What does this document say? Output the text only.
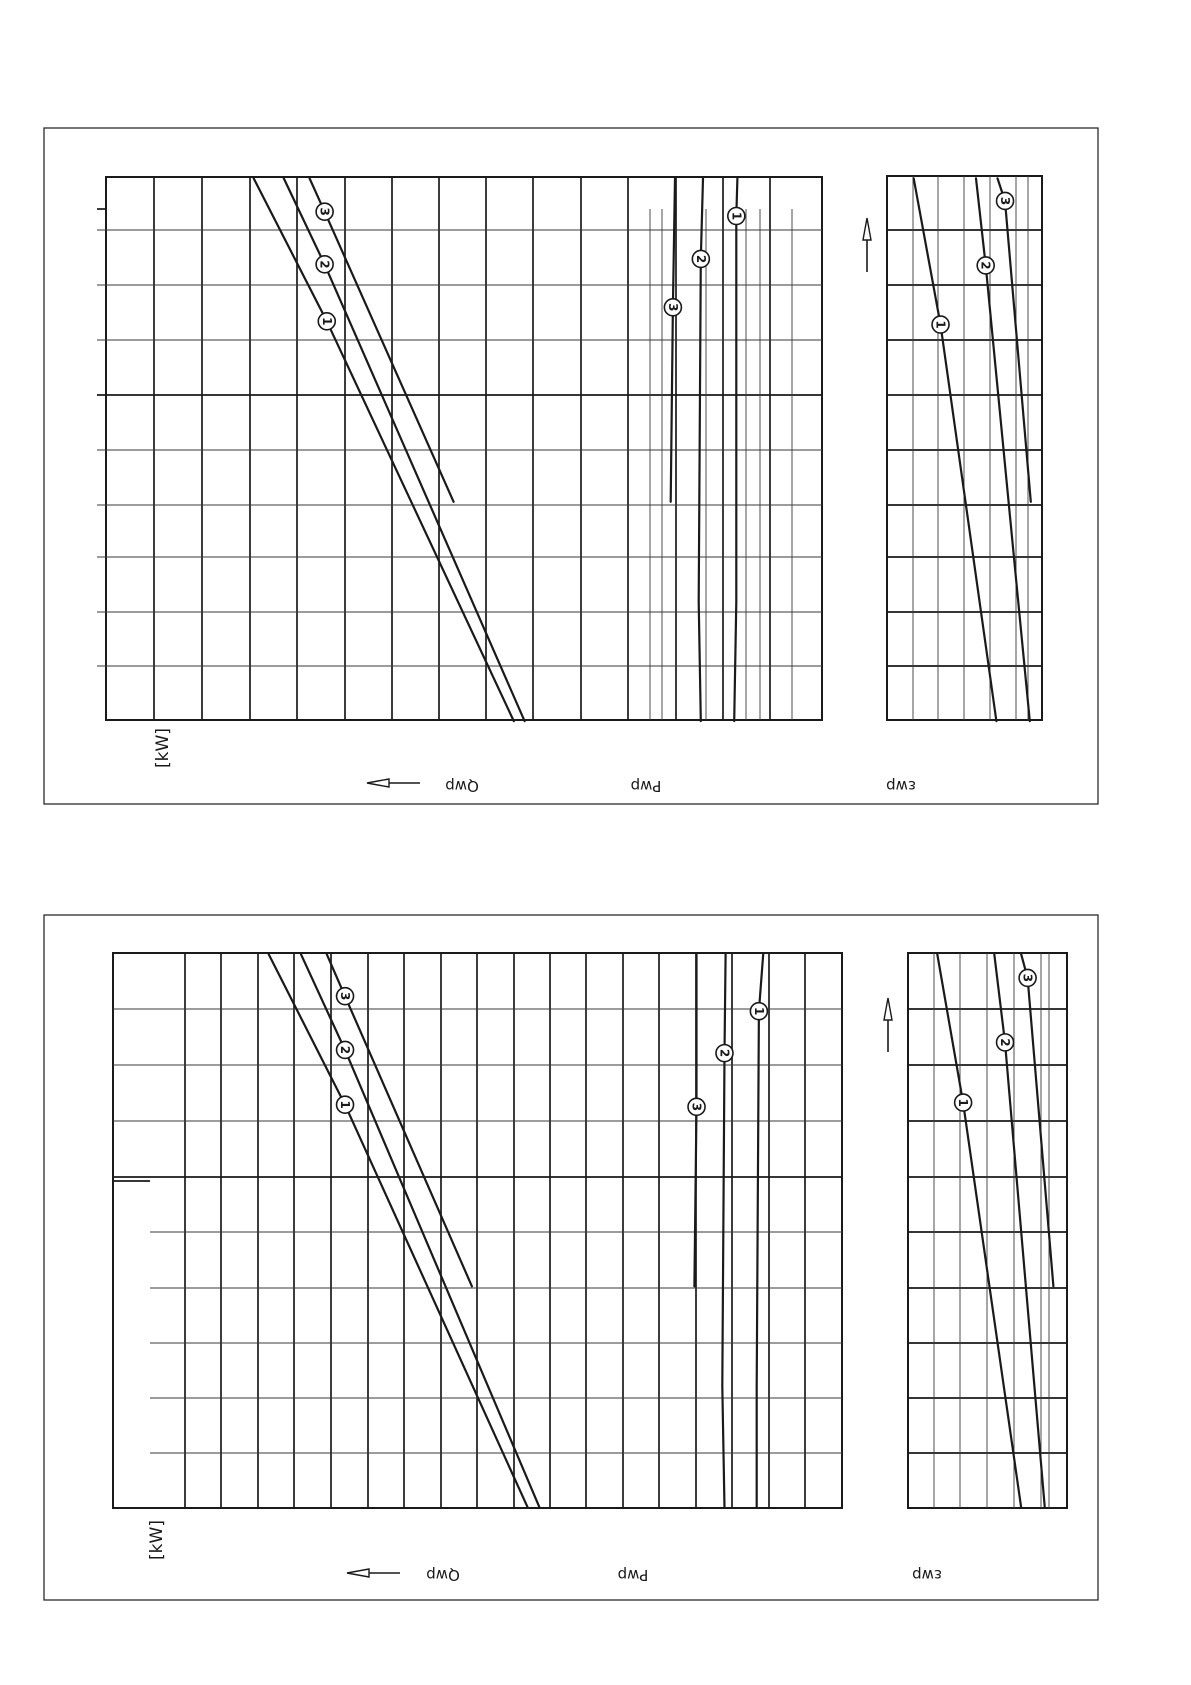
1
2
3
1
2
3
1
2
3
[kW]
Qwp	Pwp	εwp
1
2
3
1
2
3
1
2
3
[kW]
Qwp	Pwp	εwp
